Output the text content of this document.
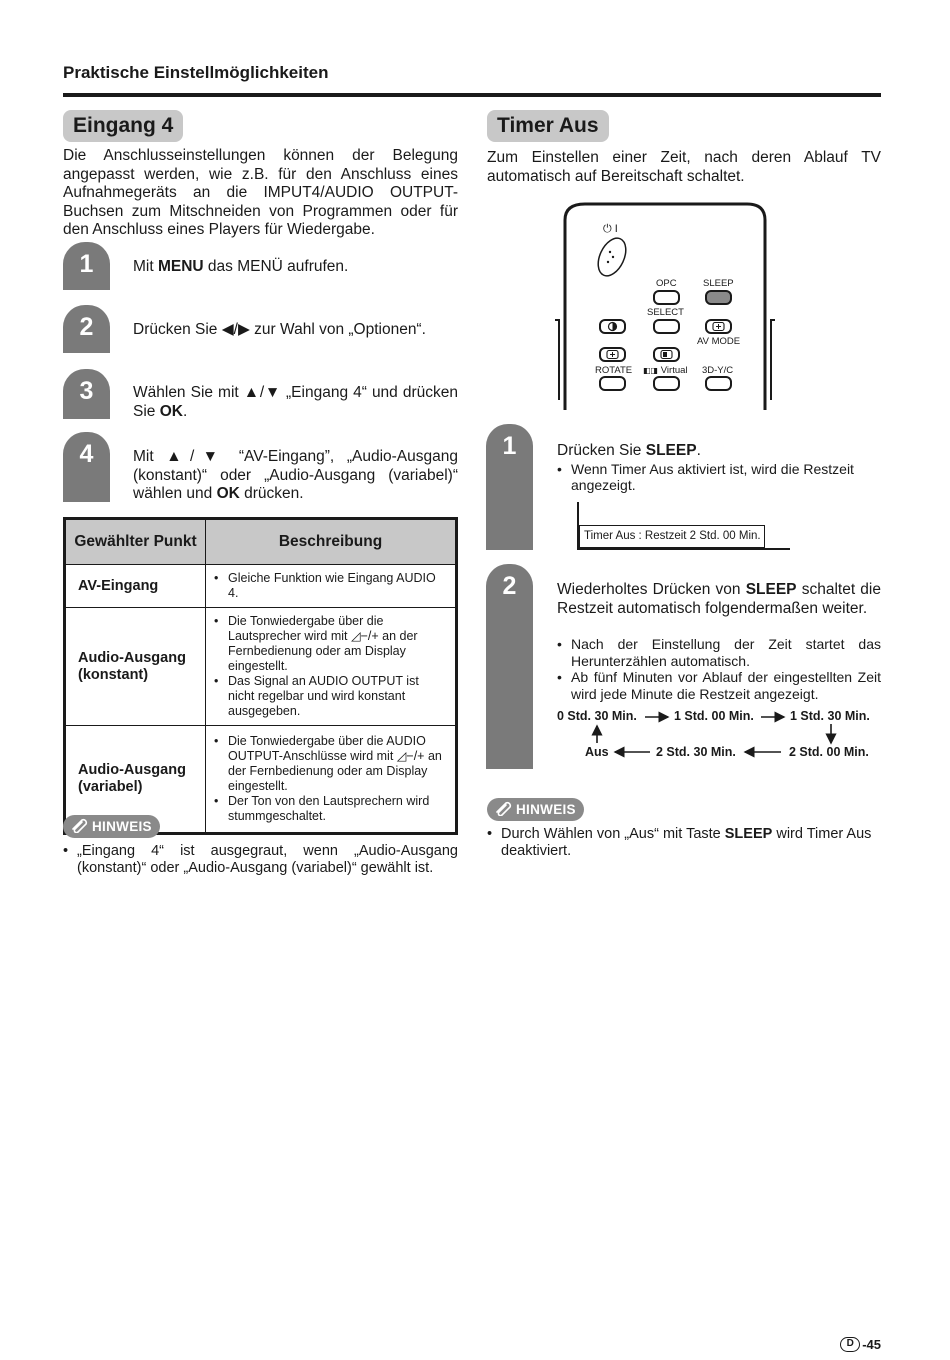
Praktische Einstellmöglichkeiten
Eingang 4
Die Anschlusseinstellungen können der Belegung angepasst werden, wie z.B. für den Anschluss eines Aufnahmegeräts an die IMPUT4/AUDIO OUTPUT-Buchsen zum Mitschneiden von Programmen oder für den Anschluss eines Players für Wiedergabe.
1	Mit MENU das MENÜ aufrufen.
2	Drücken Sie ◀/▶ zur Wahl von „Optionen“.
3	Wählen Sie mit ▲/▼ „Eingang 4“ und drücken Sie OK.
4	Mit ▲/▼ “AV-Eingang”, „Audio-Ausgang (konstant)“ oder „Audio-Ausgang (variabel)“ wählen und OK drücken.
Gewählter Punkt	Beschreibung
AV-Eingang	• Gleiche Funktion wie Eingang AUDIO 4.

Audio-Ausgang (konstant)	• Die Tonwiedergabe über die Lautsprecher wird mit ◿−/+ an der Fernbedienung oder am Display eingestellt.
• Das Signal an AUDIO OUTPUT ist nicht regelbar und wird konstant ausgegeben.

Audio-Ausgang (variabel)	• Die Tonwiedergabe über die AUDIO OUTPUT-Anschlüsse wird mit ◿−/+ an der Fernbedienung oder am Display eingestellt.
• Der Ton von den Lautsprechern wird stummgeschaltet.
HINWEIS
• „Eingang 4“ ist ausgegraut, wenn „Audio-Ausgang (konstant)“ oder „Audio-Ausgang (variabel)“ gewählt ist.
Timer Aus
Zum Einstellen einer Zeit, nach deren Ablauf TV automatisch auf Bereitschaft schaltet.
⏻ I
OPC	SLEEP
SELECT
AV MODE
ROTATE ◧◨ Virtual 3D-Y/C
1	Drücken Sie SLEEP.
• Wenn Timer Aus aktiviert ist, wird die Restzeit angezeigt.
Timer Aus : Restzeit 2 Std. 00 Min.
2	Wiederholtes Drücken von SLEEP schaltet die Restzeit automatisch folgendermaßen weiter.
• Nach der Einstellung der Zeit startet das Herunterzählen automatisch.
• Ab fünf Minuten vor Ablauf der eingestellten Zeit wird jede Minute die Restzeit angezeigt.
0 Std. 30 Min.	1 Std. 00 Min.	1 Std. 30 Min.
2 Std. 00 Min.
2 Std. 30 Min.
Aus
HINWEIS
• Durch Wählen von „Aus“ mit Taste SLEEP wird Timer Aus deaktiviert.
D -45
